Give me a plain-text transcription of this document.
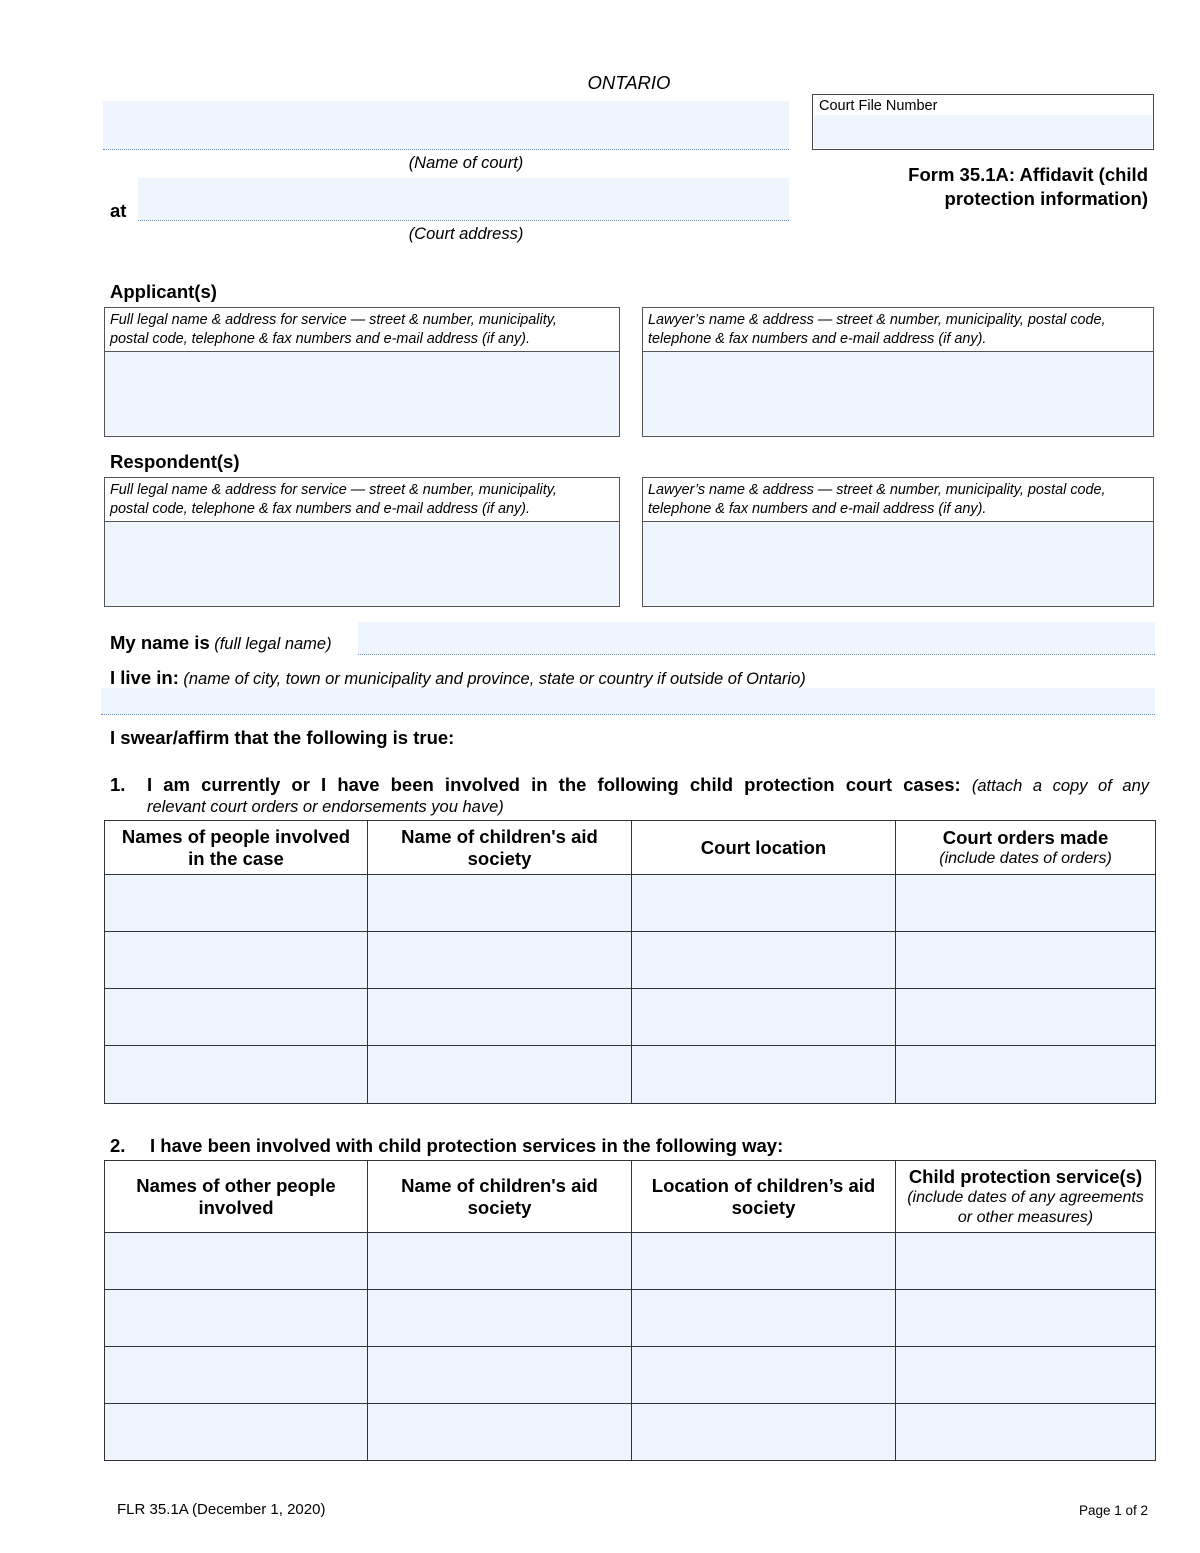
ONTARIO
(Name of court)
at
(Court address)
Court File Number
Form 35.1A: Affidavit (child
protection information)
Applicant(s)
Full legal name & address for service — street & number, municipality,
postal code, telephone & fax numbers and e-mail address (if any).
Lawyer’s name & address — street & number, municipality, postal code,
telephone & fax numbers and e-mail address (if any).
Respondent(s)
Full legal name & address for service — street & number, municipality,
postal code, telephone & fax numbers and e-mail address (if any).
Lawyer’s name & address — street & number, municipality, postal code,
telephone & fax numbers and e-mail address (if any).
My name is (full legal name)
I live in: (name of city, town or municipality and province, state or country if outside of Ontario)
I swear/affirm that the following is true:
1. I am currently or I have been involved in the following child protection court cases: (attach a copy of any
relevant court orders or endorsements you have)
Names of people involved
in the case	Name of children's aid
society	Court location	Court orders made
(include dates of orders)

2. I have been involved with child protection services in the following way:
Names of other people
involved	Name of children's aid
society	Location of children’s aid
society	Child protection service(s)
(include dates of any agreements or other measures)

FLR 35.1A (December 1, 2020)	Page 1 of 2
